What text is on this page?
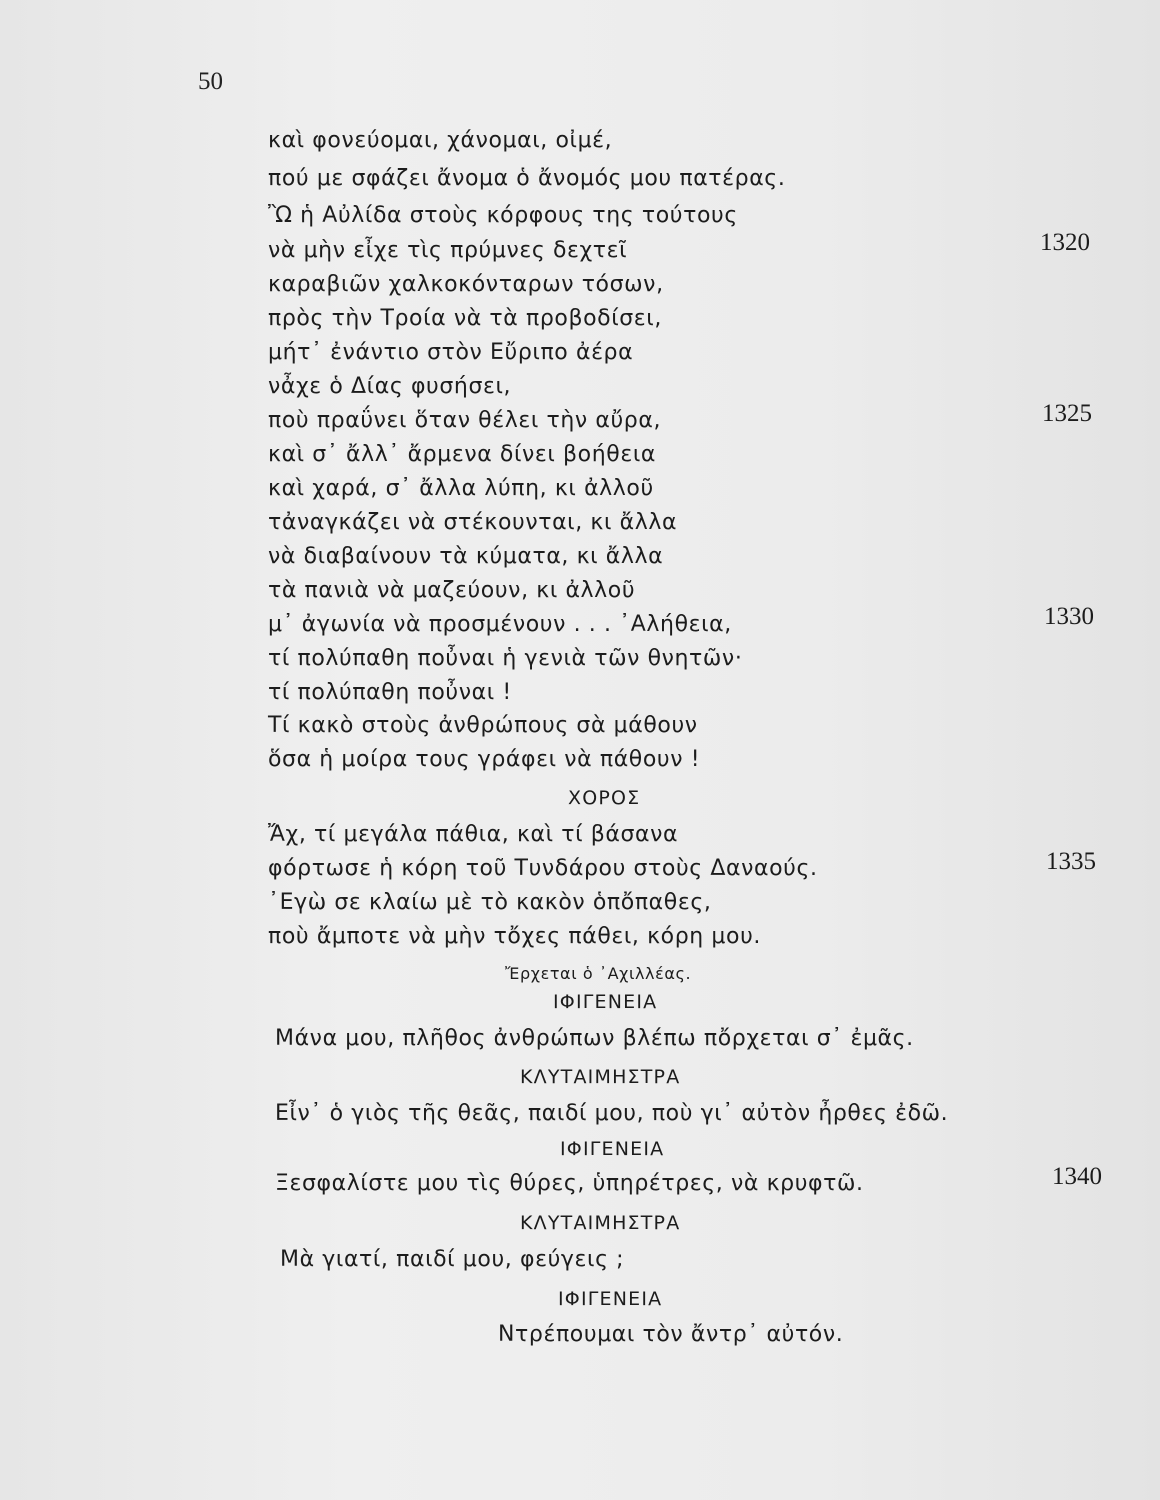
50
καὶ φονεύομαι, χάνομαι, οἰμέ,
πού με σφάζει ἄνομα ὁ ἄνομός μου πατέρας.
Ὢ ἡ Αὐλίδα στοὺς κόρφους της τούτους
νὰ μὴν εἶχε τὶς πρύμνες δεχτεῖ
καραβιῶν χαλκοκόνταρων τόσων,
πρὸς τὴν Τροία νὰ τὰ προβοδίσει,
μήτ᾽ ἐνάντιο στὸν Εὔριπο ἀέρα
νἆχε ὁ Δίας φυσήσει,
ποὺ πραΰνει ὅταν θέλει τὴν αὔρα,
καὶ σ᾽ ἄλλ᾽ ἄρμενα δίνει βοήθεια
καὶ χαρά, σ᾽ ἄλλα λύπη, κι ἀλλοῦ
τἀναγκάζει νὰ στέκουνται, κι ἄλλα
νὰ διαβαίνουν τὰ κύματα, κι ἄλλα
τὰ πανιὰ νὰ μαζεύουν, κι ἀλλοῦ
μ᾽ ἀγωνία νὰ προσμένουν . . . ᾽Αλήθεια,
τί πολύπαθη ποὖναι ἡ γενιὰ τῶν θνητῶν·
τί πολύπαθη ποὖναι !
Τί κακὸ στοὺς ἀνθρώπους σὰ μάθουν
ὅσα ἡ μοίρα τους γράφει νὰ πάθουν !
ΧΟΡΟΣ
Ἄχ, τί μεγάλα πάθια, καὶ τί βάσανα
φόρτωσε ἡ κόρη τοῦ Τυνδάρου στοὺς Δαναούς.
᾽Εγὼ σε κλαίω μὲ τὸ κακὸν ὁπὄπαθες,
ποὺ ἄμποτε νὰ μὴν τὄχες πάθει, κόρη μου.
Ἔρχεται ὁ ᾽Αχιλλέας.
ΙΦΙΓΕΝΕΙΑ
Μάνα μου, πλῆθος ἀνθρώπων βλέπω πὄρχεται σ᾽ ἐμᾶς.
ΚΛΥΤΑΙΜΗΣΤΡΑ
Εἶν᾽ ὁ γιὸς τῆς θεᾶς, παιδί μου, ποὺ γι᾽ αὐτὸν ἦρθες ἐδῶ.
ΙΦΙΓΕΝΕΙΑ
Ξεσφαλίστε μου τὶς θύρες, ὑπηρέτρες, νὰ κρυφτῶ.
ΚΛΥΤΑΙΜΗΣΤΡΑ
Μὰ γιατί, παιδί μου, φεύγεις ;
ΙΦΙΓΕΝΕΙΑ
Ντρέπουμαι τὸν ἄντρ᾽ αὐτόν.
1320
1325
1330
1335
1340
